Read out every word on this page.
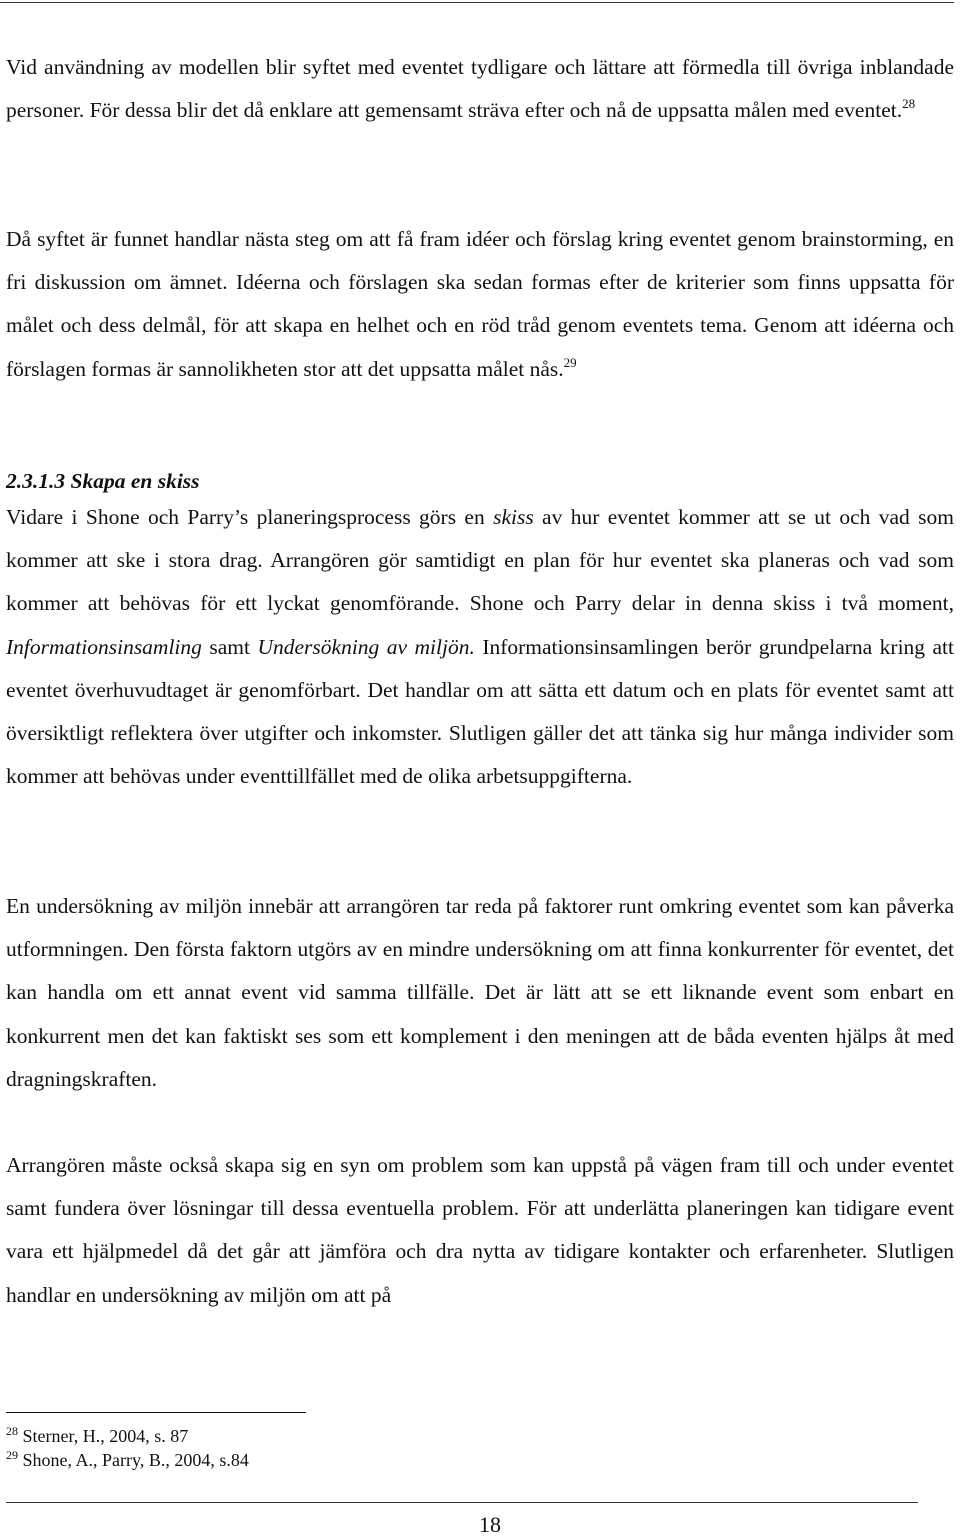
Vid användning av modellen blir syftet med eventet tydligare och lättare att förmedla till övriga inblandade personer. För dessa blir det då enklare att gemensamt sträva efter och nå de uppsatta målen med eventet.$^{28}$

Då syftet är funnet handlar nästa steg om att få fram idéer och förslag kring eventet genom brainstorming, en fri diskussion om ämnet. Idéerna och förslagen ska sedan formas efter de kriterier som finns uppsatta för målet och dess delmål, för att skapa en helhet och en röd tråd genom eventets tema. Genom att idéerna och förslagen formas är sannolikheten stor att det uppsatta målet nås.$^{29}$

2.3.1.3 Skapa en skiss

Vidare i Shone och Parry’s planeringsprocess görs en skiss av hur eventet kommer att se ut och vad som kommer att ske i stora drag. Arrangören gör samtidigt en plan för hur eventet ska planeras och vad som kommer att behövas för ett lyckat genomförande. Shone och Parry delar in denna skiss i två moment, Informationsinsamling samt Undersökning av miljön. Informationsinsamlingen berör grundpelarna kring att eventet överhuvudtaget är genomförbart. Det handlar om att sätta ett datum och en plats för eventet samt att översiktligt reflektera över utgifter och inkomster. Slutligen gäller det att tänka sig hur många individer som kommer att behövas under eventtillfället med de olika arbetsuppgifterna.

En undersökning av miljön innebär att arrangören tar reda på faktorer runt omkring eventet som kan påverka utformningen. Den första faktorn utgörs av en mindre undersökning om att finna konkurrenter för eventet, det kan handla om ett annat event vid samma tillfälle. Det är lätt att se ett liknande event som enbart en konkurrent men det kan faktiskt ses som ett komplement i den meningen att de båda eventen hjälps åt med dragningskraften.

Arrangören måste också skapa sig en syn om problem som kan uppstå på vägen fram till och under eventet samt fundera över lösningar till dessa eventuella problem. För att underlätta planeringen kan tidigare event vara ett hjälpmedel då det går att jämföra och dra nytta av tidigare kontakter och erfarenheter. Slutligen handlar en undersökning av miljön om att på

$^{28}$ Sterner, H., 2004, s. 87

$^{29}$ Shone, A., Parry, B., 2004, s.84

18
